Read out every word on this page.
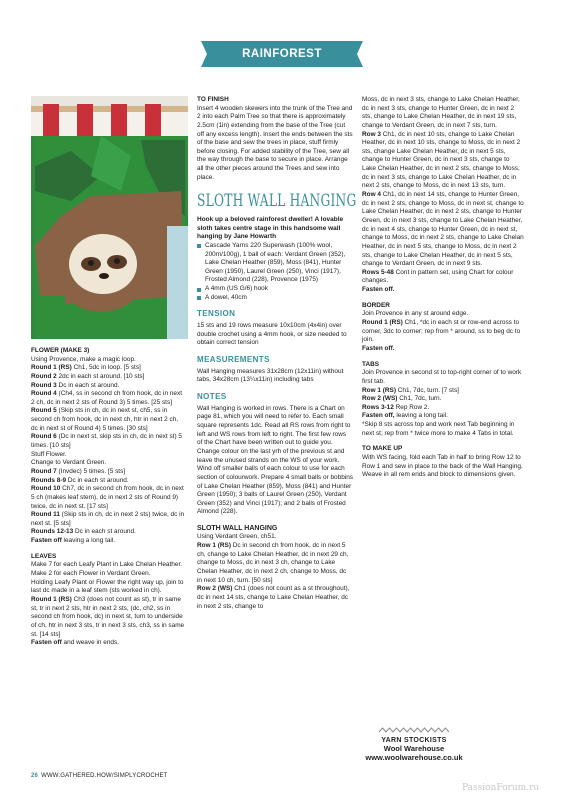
RAINFOREST COLLECTION

FLOWER (MAKE 3)

Using Provence, make a magic loop.

Round 1 (RS) Ch1, 5dc in loop. [5 sts]

Round 2 2dc in each st around. [10 sts]

Round 3 Dc in each st around.

Round 4 (Ch4, ss in second ch from hook, dc in next 2 ch, dc in next 2 sts of Round 3) 5 times. [25 sts]

Round 5 (Skip sts in ch, dc in next st, ch5, ss in second ch from hook, dc in next ch, htr in next 2 ch, dc in next st of Round 4) 5 times. [30 sts]

Round 6 (Dc in next st, skip sts in ch, dc in next st) 5 times. [10 sts]

Stuff Flower.

Change to Verdant Green.

Round 7 (Invdec) 5 times. [5 sts]

Rounds 8-9 Dc in each st around.

Round 10 Ch7, dc in second ch from hook, dc in next 5 ch (makes leaf stem), dc in next 2 sts of Round 9) twice, dc in next st. [17 sts]

Round 11 (Skip sts in ch, dc in next 2 sts) twice, dc in next st. [5 sts]

Rounds 12-13 Dc in each st around.

Fasten off leaving a long tail.

LEAVES

Make 7 for each Leafy Plant in Lake Chelan Heather.

Make 2 for each Flower in Verdant Green.

Holding Leafy Plant or Flower the right way up, join to last dc made in a leaf stem (sts worked in ch).

Round 1 (RS) Ch3 (does not count as st), tr in same st, tr in next 2 sts, htr in next 2 sts, (dc, ch2, ss in second ch from hook, dc) in next st, turn to underside of ch, htr in next 3 sts, tr in next 3 sts, ch3, ss in same st. [14 sts]

Fasten off and weave in ends.

TO FINISH

Insert 4 wooden skewers into the trunk of the Tree and 2 into each Palm Tree so that there is approximately 2.5cm (1in) extending from the base of the Tree (cut off any excess length). Insert the ends between the sts of the base and sew the trees in place, stuff firmly before closing. For added stability of the Tree, sew all the way through the base to secure in place. Arrange all the other pieces around the Trees and sew into place.

SLOTH WALL HANGING

Hook up a beloved rainforest dweller! A lovable sloth takes centre stage in this handsome wall hanging by Jane Howarth

Cascade Yarns 220 Superwash (100% wool, 200m/100g), 1 ball of each: Verdant Green (352), Lake Chelan Heather (859), Moss (841), Hunter Green (1950), Laurel Green (250), Vinci (1917), Frosted Almond (228), Provence (1975)
A 4mm (US G/6) hook
A dowel, 40cm
TENSION

15 sts and 19 rows measure 10x10cm (4x4in) over double crochet using a 4mm hook, or size needed to obtain correct tension

MEASUREMENTS

Wall Hanging measures 31x28cm (12x11in) without tabs, 34x28cm (13¼x11in) including tabs

NOTES

Wall Hanging is worked in rows. There is a Chart on page 81, which you will need to refer to. Each small square represents 1dc. Read all RS rows from right to left and WS rows from left to right. The first few rows of the Chart have been written out to guide you. Change colour on the last yrh of the previous st and leave the unused strands on the WS of your work. Wind off smaller balls of each colour to use for each section of colourwork. Prepare 4 small balls or bobbins of Lake Chelan Heather (859), Moss (841) and Hunter Green (1950); 3 balls of Laurel Green (250), Verdant Green (352) and Vinci (1917); and 2 balls of Frosted Almond (228).

SLOTH WALL HANGING

Using Verdant Green, ch51.

Row 1 (RS) Dc in second ch from hook, dc in next 5 ch, change to Lake Chelan Heather, dc in next 29 ch, change to Moss, dc in next 3 ch, change to Lake Chelan Heather, dc in next 2 ch, change to Moss, dc in next 10 ch, turn. [50 sts]

Row 2 (WS) Ch1 (does not count as a st throughout), dc in next 14 sts, change to Lake Chelan Heather, dc in next 2 sts, change to

Moss, dc in next 3 sts, change to Lake Chelan Heather, dc in next 3 sts, change to Hunter Green, dc in next 2 sts, change to Lake Chelan Heather, dc in next 19 sts, change to Verdant Green, dc in next 7 sts, turn.

Row 3 Ch1, dc in next 10 sts, change to Lake Chelan Heather, dc in next 10 sts, change to Moss, dc in next 2 sts, change Lake Chelan Heather, dc in next 5 sts, change to Hunter Green, dc in next 3 sts, change to Lake Chelan Heather, dc in next 2 sts, change to Moss, dc in next 3 sts, change to Lake Chelan Heather, dc in next 2 sts, change to Moss, dc in next 13 sts, turn.

Row 4 Ch1, dc in next 14 sts, change to Hunter Green, dc in next 2 sts, change to Moss, dc in next st, change to Lake Chelan Heather, dc in next 2 sts, change to Hunter Green, dc in next 3 sts, change to Lake Chelan Heather, dc in next 4 sts, change to Hunter Green, dc in next st, change to Moss, dc in next 2 sts, change to Lake Chelan Heather, dc in next 5 sts, change to Moss, dc in next 2 sts, change to Lake Chelan Heather, dc in next 5 sts, change to Verdant Green, dc in next 9 sts.

Rows 5-48 Cont in pattern set, using Chart for colour changes.

Fasten off.

BORDER

Join Provence in any st around edge.

Round 1 (RS) Ch1, *dc in each st or row-end across to corner, 3dc to corner; rep from * around, ss to beg dc to join.

Fasten off.

TABS

Join Provence in second st to top-right corner of to work first tab.

Row 1 (RS) Ch1, 7dc, turn. [7 sts]

Row 2 (WS) Ch1, 7dc, turn.

Rows 3-12 Rep Row 2.

Fasten off, leaving a long tail.

*Skip 8 sts across top and work next Tab beginning in next st; rep from * twice more to make 4 Tabs in total.

TO MAKE UP

With WS facing, fold each Tab in half to bring Row 12 to Row 1 and sew in place to the back of the Wall Hanging.

Weave in all rem ends and block to dimensions given.

YARN STOCKISTS
Wool Warehouse
www.woolwarehouse.co.uk
26 WWW.GATHERED.HOW/SIMPLYCROCHET
PassionForum.ru
